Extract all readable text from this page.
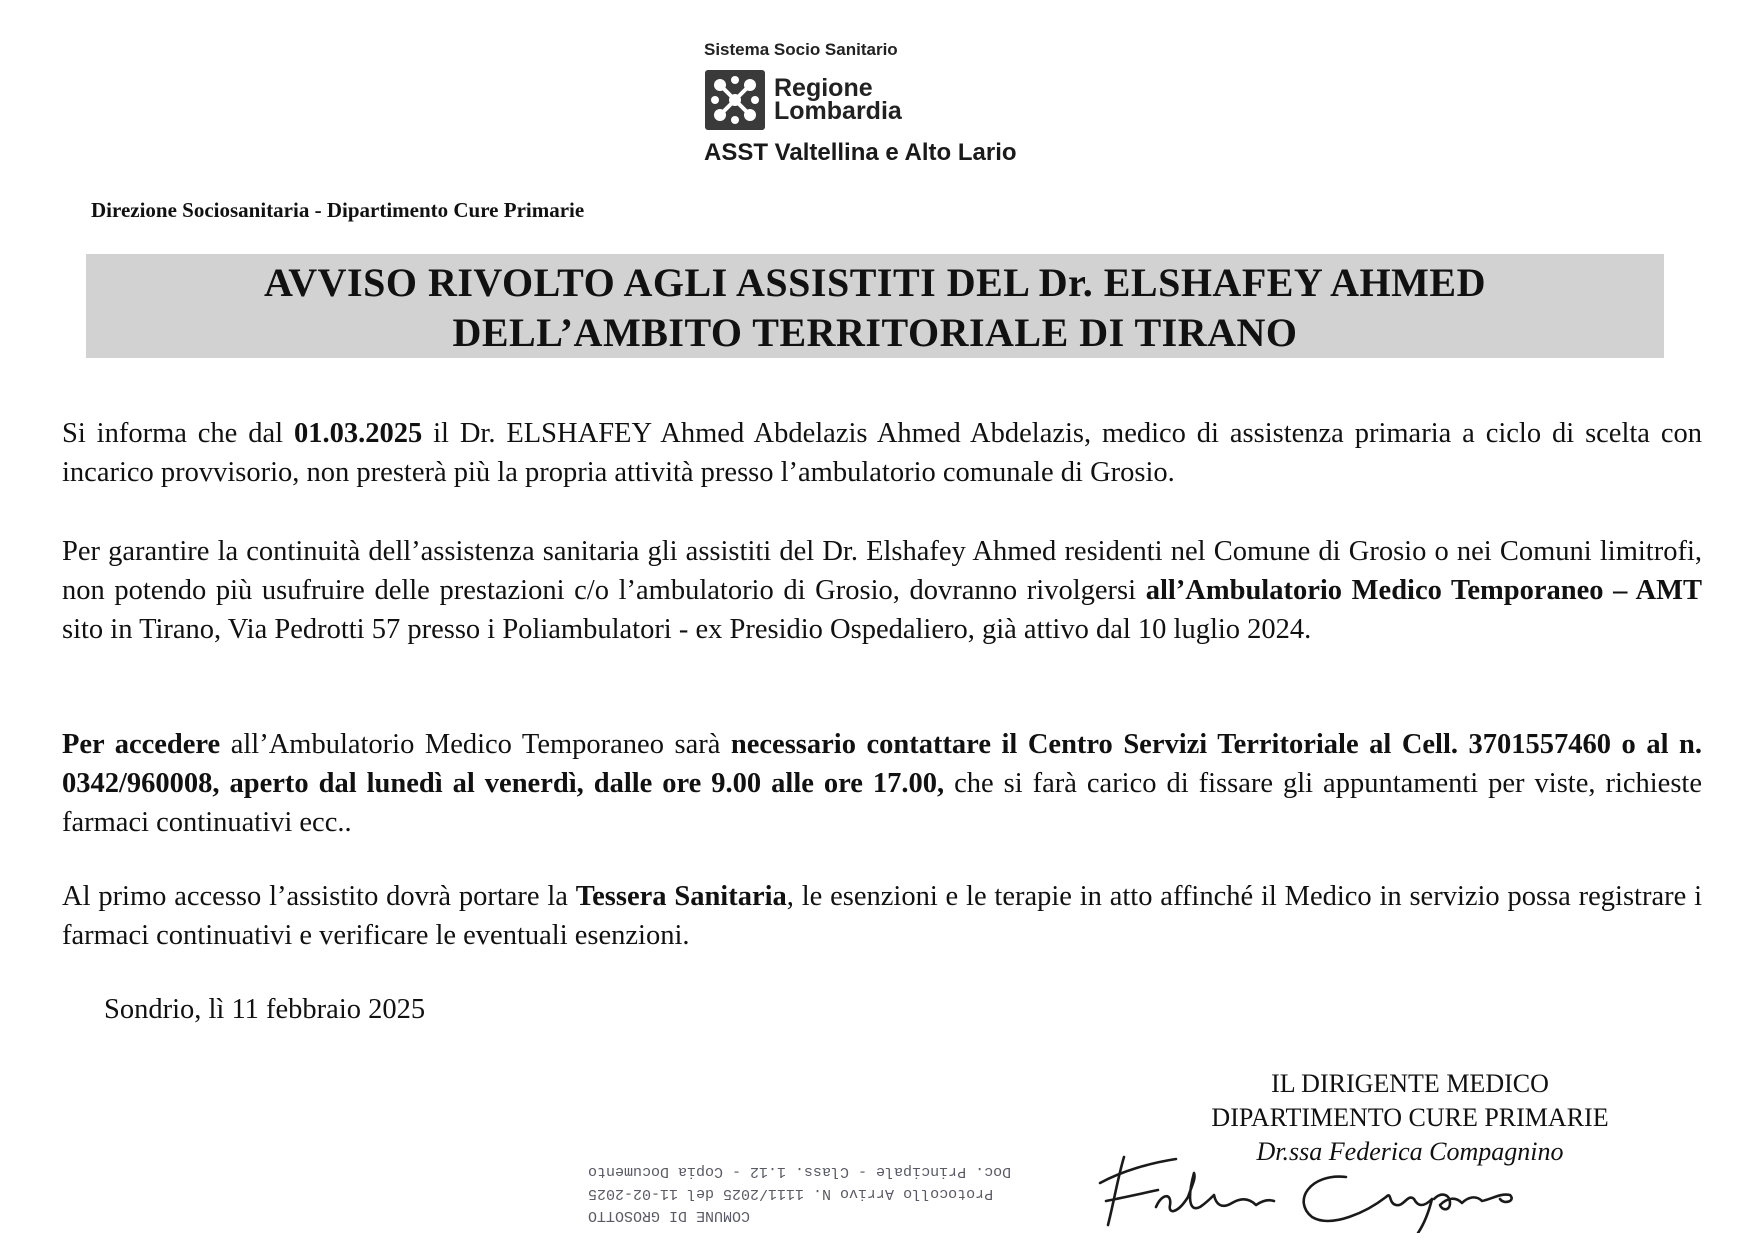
Sistema Socio Sanitario
Regione
Lombardia
ASST Valtellina e Alto Lario
Direzione Sociosanitaria - Dipartimento Cure Primarie
AVVISO RIVOLTO AGLI ASSISTITI DEL Dr. ELSHAFEY AHMED
DELL’AMBITO TERRITORIALE DI TIRANO

Si informa che dal 01.03.2025 il Dr. ELSHAFEY Ahmed Abdelazis Ahmed Abdelazis, medico di assistenza primaria a ciclo di scelta con incarico provvisorio, non presterà più la propria attività presso l’ambulatorio comunale di Grosio.

Per garantire la continuità dell’assistenza sanitaria gli assistiti del Dr. Elshafey Ahmed residenti nel Comune di Grosio o nei Comuni limitrofi, non potendo più usufruire delle prestazioni c/o l’ambulatorio di Grosio, dovranno rivolgersi all’Ambulatorio Medico Temporaneo – AMT sito in Tirano, Via Pedrotti 57 presso i Poliambulatori - ex Presidio Ospedaliero, già attivo dal 10 luglio 2024.

Per accedere all’Ambulatorio Medico Temporaneo sarà necessario contattare il Centro Servizi Territoriale al Cell. 3701557460 o al n. 0342/960008, aperto dal lunedì al venerdì, dalle ore 9.00 alle ore 17.00, che si farà carico di fissare gli appuntamenti per viste, richieste farmaci continuativi ecc..

Al primo accesso l’assistito dovrà portare la Tessera Sanitaria, le esenzioni e le terapie in atto affinché il Medico in servizio possa registrare i farmaci continuativi e verificare le eventuali esenzioni.

Sondrio, lì 11 febbraio 2025
IL DIRIGENTE MEDICO
DIPARTIMENTO CURE PRIMARIE
Dr.ssa Federica Compagnino
COMUNE DI GROSOTTO
Protocollo Arrivo N. 1111/2025 del 11-02-2025
Doc. Principale - Class. 1.12 - Copia Documento
